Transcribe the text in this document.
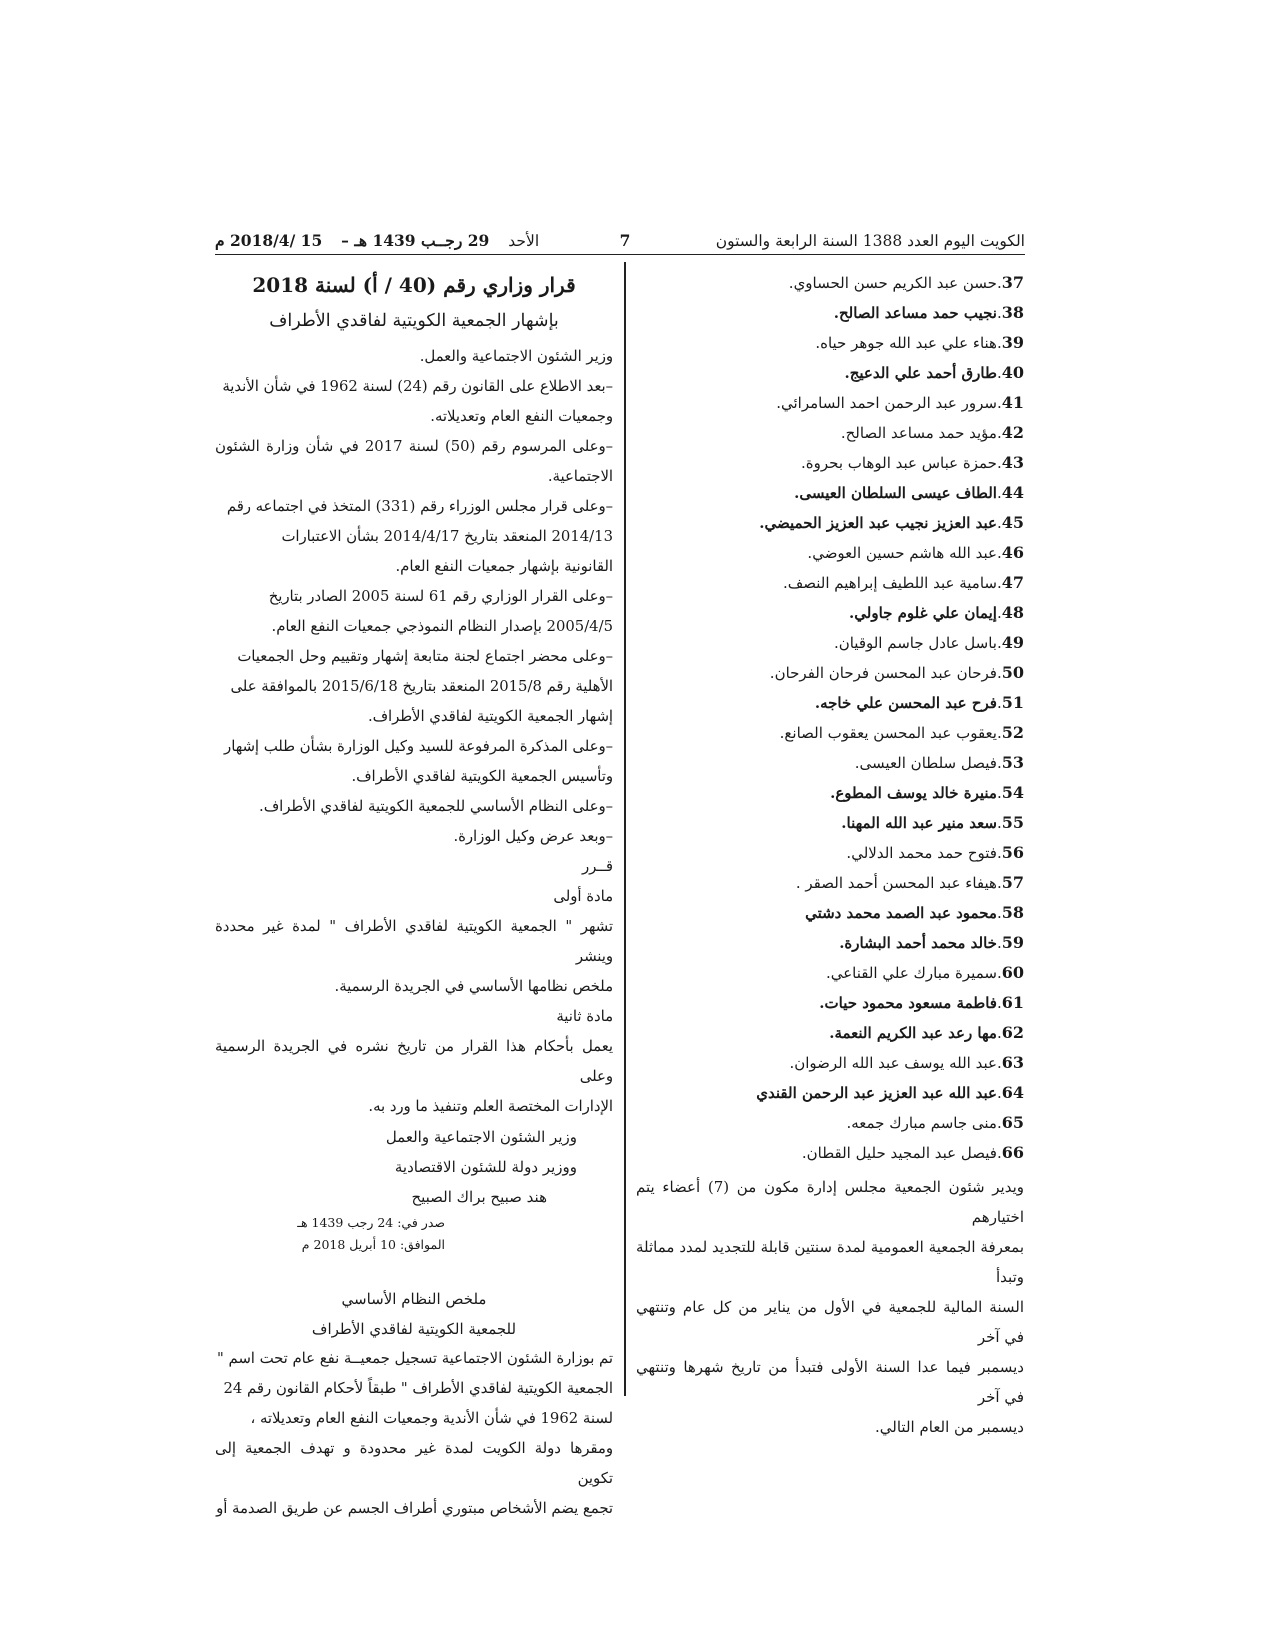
الكويت اليوم العدد 1388 السنة الرابعة والستون
7
الأحد 29 رجــب 1439 هـ – 15 /2018/4 م
37.حسن عبد الكريم حسن الحساوي.
38.نجيب حمد مساعد الصالح.
39.هناء علي عبد الله جوهر حياه.
40.طارق أحمد علي الدعيج.
41.سرور عبد الرحمن احمد السامرائي.
42.مؤيد حمد مساعد الصالح.
43.حمزة عباس عبد الوهاب بحروة.
44.الطاف عيسى السلطان العيسى.
45.عبد العزيز نجيب عبد العزيز الحميضي.
46.عبد الله هاشم حسين العوضي.
47.سامية عبد اللطيف إبراهيم النصف.
48.إيمان علي غلوم جاولي.
49.باسل عادل جاسم الوقيان.
50.فرحان عبد المحسن فرحان الفرحان.
51.فرح عبد المحسن علي خاجه.
52.يعقوب عبد المحسن يعقوب الصانع.
53.فيصل سلطان العيسى.
54.منيرة خالد يوسف المطوع.
55.سعد منير عبد الله المهنا.
56.فتوح حمد محمد الدلالي.
57.هيفاء عبد المحسن أحمد الصقر .
58.محمود عبد الصمد محمد دشتي
59.خالد محمد أحمد البشارة.
60.سميرة مبارك علي القناعي.
61.فاطمة مسعود محمود حيات.
62.مها رعد عبد الكريم النعمة.
63.عبد الله يوسف عبد الله الرضوان.
64.عبد الله عبد العزيز عبد الرحمن القندي
65.منى جاسم مبارك جمعه.
66.فيصل عبد المجيد حليل القطان.

ويدير شئون الجمعية مجلس إدارة مكون من (7) أعضاء يتم اختيارهم

بمعرفة الجمعية العمومية لمدة سنتين قابلة للتجديد لمدد مماثلة وتبدأ

السنة المالية للجمعية في الأول من يناير من كل عام وتنتهي في آخر

ديسمبر فيما عدا السنة الأولى فتبدأ من تاريخ شهرها وتنتهي في آخر

ديسمبر من العام التالي.

قرار وزاري رقم (40 / أ) لسنة 2018
بإشهار الجمعية الكويتية لفاقدي الأطراف

وزير الشئون الاجتماعية والعمل.

–بعد الاطلاع على القانون رقم (24) لسنة 1962 في شأن الأندية

وجمعيات النفع العام وتعديلاته.

–وعلى المرسوم رقم (50) لسنة 2017 في شأن وزارة الشئون الاجتماعية.

–وعلى قرار مجلس الوزراء رقم (331) المتخذ في اجتماعه رقم

2014/13 المنعقد بتاريخ 2014/4/17 بشأن الاعتبارات

القانونية بإشهار جمعيات النفع العام.

–وعلى القرار الوزاري رقم 61 لسنة 2005 الصادر بتاريخ

2005/4/5 بإصدار النظام النموذجي جمعيات النفع العام.

–وعلى محضر اجتماع لجنة متابعة إشهار وتقييم وحل الجمعيات

الأهلية رقم 2015/8 المنعقد بتاريخ 2015/6/18 بالموافقة على

إشهار الجمعية الكويتية لفاقدي الأطراف.

–وعلى المذكرة المرفوعة للسيد وكيل الوزارة بشأن طلب إشهار

وتأسيس الجمعية الكويتية لفاقدي الأطراف.

–وعلى النظام الأساسي للجمعية الكويتية لفاقدي الأطراف.

–وبعد عرض وكيل الوزارة.

قــرر

مادة أولى

تشهر " الجمعية الكويتية لفاقدي الأطراف " لمدة غير محددة وينشر

ملخص نظامها الأساسي في الجريدة الرسمية.

مادة ثانية

يعمل بأحكام هذا القرار من تاريخ نشره في الجريدة الرسمية وعلى

الإدارات المختصة العلم وتنفيذ ما ورد به.

وزير الشئون الاجتماعية والعمل

ووزير دولة للشئون الاقتصادية

هند صبيح براك الصبيح

صدر في: 24 رجب 1439 هـ

الموافق: 10 أبريل 2018 م

ملخص النظام الأساسي

للجمعية الكويتية لفاقدي الأطراف

تم بوزارة الشئون الاجتماعية تسجيل جمعيــة نفع عام تحت اسم "

الجمعية الكويتية لفاقدي الأطراف " طبقاً لأحكام القانون رقم 24

لسنة 1962 في شأن الأندية وجمعيات النفع العام وتعديلاته ،

ومقرها دولة الكويت لمدة غير محدودة و تهدف الجمعية إلى تكوين

تجمع يضم الأشخاص مبتوري أطراف الجسم عن طريق الصدمة أو
